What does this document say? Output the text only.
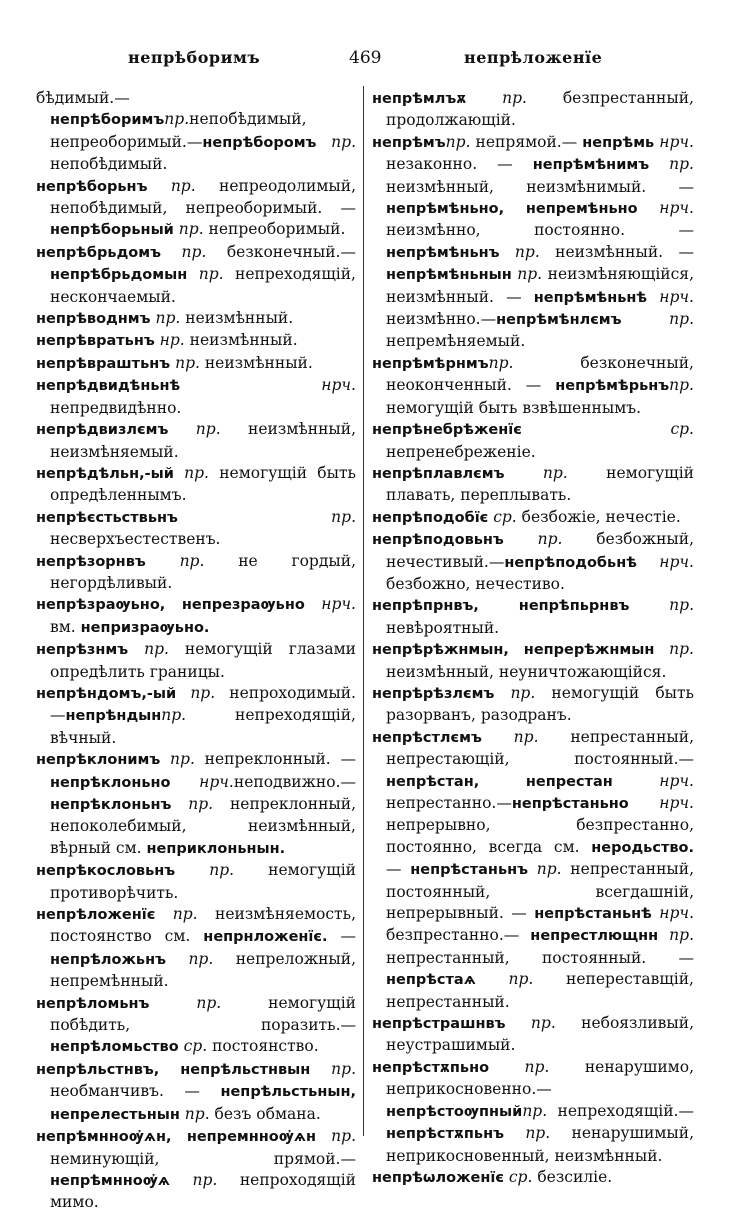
непрѣборимъ	469	непрѣложенїе

бѣдимый.—непрѣборимъпр.непобѣдимый, непреоборимый.—непрѣборомъ пр. непобѣдимый.

непрѣборьнъ пр. непреодолимый, непобѣдимый, непреоборимый. — непрѣборьный пр. непреоборимый.

непрѣбрьдомъ пр. безконечный.—непрѣбрьдомын пр. непреходящій, нескончаемый.

непрѣводнмъ пр. неизмѣнный.

непрѣвратьнъ нр. неизмѣнный.

непрѣвраштьнъ пр. неизмѣнный.

непрѣдвидѣньнѣ нрч. непредвидѣнно.

непрѣдвизлємъ пр. неизмѣнный, неизмѣняемый.

непрѣдѣльн,-ый пр. немогущій быть опредѣленнымъ.

непрѣєстьствьнъ пр. несверхъестественъ.

непрѣзорнвъ пр. не гордый, негордѣливый.

непрѣзраѹьно, непрезраѹьно нрч. вм. непризраѹьно.

непрѣзнмъ пр. немогущій глазами опредѣлить границы.

непрѣндомъ,-ый пр. непроходимый. —непрѣндынпр. непреходящій, вѣчный.

непрѣклонимъ пр. непреклонный. — непрѣклоньно нрч.неподвижно.—непрѣклоньнъ пр. непреклонный, непоколебимый, неизмѣнный, вѣрный см. неприклоньнын.

непрѣкословьнъ пр. немогущій противорѣчить.

непрѣложенїє пр. неизмѣняемость, постоянство см. непрнложенїє. — непрѣложьнъ пр. непреложный, непремѣнный.

непрѣломьнъ пр. немогущій побѣдить, поразить.—непрѣломьство ср. постоянство.

непрѣльстнвъ, непрѣльстнвын пр. необманчивъ. — непрѣльстьнын, непрелестьнын пр. безъ обмана.

непрѣмнноѹ҆ѧн, непремнноѹ҆ѧн пр. неминующій, прямой.— непрѣмнноѹ҆ѧ пр. непроходящій мимо.

непрѣмлъѫ пр. безпрестанный, продолжающій.

непрѣмъпр. непрямой.— непрѣмь нрч. незаконно. — непрѣмѣнимъ пр. неизмѣнный, неизмѣнимый. — непрѣмѣньно, непремѣньно нрч. неизмѣнно, постоянно. — непрѣмѣньнъ пр. неизмѣнный. — непрѣмѣньнын пр. неизмѣняющійся, неизмѣнный. — непрѣмѣньнѣ нрч. неизмѣнно.—непрѣмѣнлємъ пр. непремѣняемый.

непрѣмѣрнмъпр. безконечный, неоконченный. — непрѣмѣрьнъпр. немогущій быть взвѣшеннымъ.

непрѣнебрѣженїє ср. непренебреженіе.

непрѣплавлємъ пр. немогущій плавать, переплывать.

непрѣподобїє ср. безбожіе, нечестіе.

непрѣподовьнъ пр. безбожный, нечестивый.—непрѣподобьнѣ нрч. безбожно, нечестиво.

непрѣпрнвъ, непрѣпьрнвъ пр. невѣроятный.

непрѣрѣжнмын, непрерѣжнмын пр. неизмѣнный, неуничтожающійся.

непрѣрѣзлємъ пр. немогущій быть разорванъ, разодранъ.

непрѣстлємъ пр. непрестанный, непрестающій, постоянный.—непрѣстан, непрестан нрч. непрестанно.—непрѣстаньно нрч. непрерывно, безпрестанно, постоянно, всегда см. неродьство. — непрѣстаньнъ пр. непрестанный, постоянный, всегдашній, непрерывный. — непрѣстаньнѣ нрч. безпрестанно.— непрестлющнн пр. непрестанный, постоянный. — непрѣстаѧ пр. непереставщій, непрестанный.

непрѣстрашнвъ пр. небоязливый, неустрашимый.

непрѣстѫпьно пр. ненарушимо, неприкосновенно.—непрѣстоѹпныйпр. непреходящій.— непрѣстѫпьнъ пр. ненарушимый, неприкосновенный, неизмѣнный.

непрѣѡложенїє ср. безсиліе.
